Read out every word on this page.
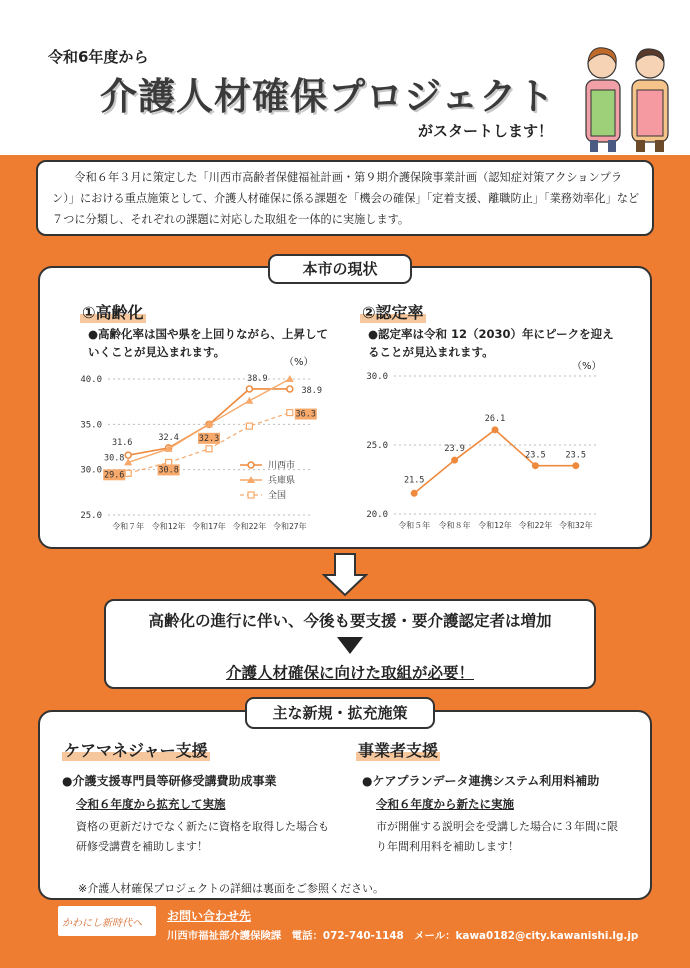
令和6年度から
介護人材確保プロジェクト
がスタートします！
令和６年３月に策定した「川西市高齢者保健福祉計画・第９期介護保険事業計画（認知症対策アクションプラン）」における重点施策として、介護人材確保に係る課題を「機会の確保」「定着支援、離職防止」「業務効率化」など７つに分類し、それぞれの課題に対応した取組を一体的に実施します。
本市の現状
①高齢化
●高齢化率は国や県を上回りながら、上昇していくことが見込まれます。
（%）
②認定率
●認定率は令和 12（2030）年にピークを迎えることが見込まれます。
（%）
25.0
30.0
35.0
40.0
令和７年 令和12年 令和17年 令和22年 令和27年
31.6
32.4
38.9
38.9
30.8
29.6	30.8
32.3
36.3
川西市
兵庫県
全国
20.0
25.0
30.0
令和５年 令和８年 令和12年 令和22年 令和32年
21.5
23.9
26.1
23.5 23.5
高齢化の進行に伴い、今後も要支援・要介護認定者は増加
介護人材確保に向けた取組が必要！
主な新規・拡充施策
ケアマネジャー支援
●介護支援専門員等研修受講費助成事業
令和６年度から拡充して実施
資格の更新だけでなく新たに資格を取得した場合も研修受講費を補助します！
事業者支援
●ケアプランデータ連携システム利用料補助
令和６年度から新たに実施
市が開催する説明会を受講した場合に３年間に限り年間利用料を補助します！
※介護人材確保プロジェクトの詳細は裏面をご参照ください。
かわにし新時代へ
お問い合わせ先
川西市福祉部介護保険課　電話：072-740-1148　メール：kawa0182@city.kawanishi.lg.jp
